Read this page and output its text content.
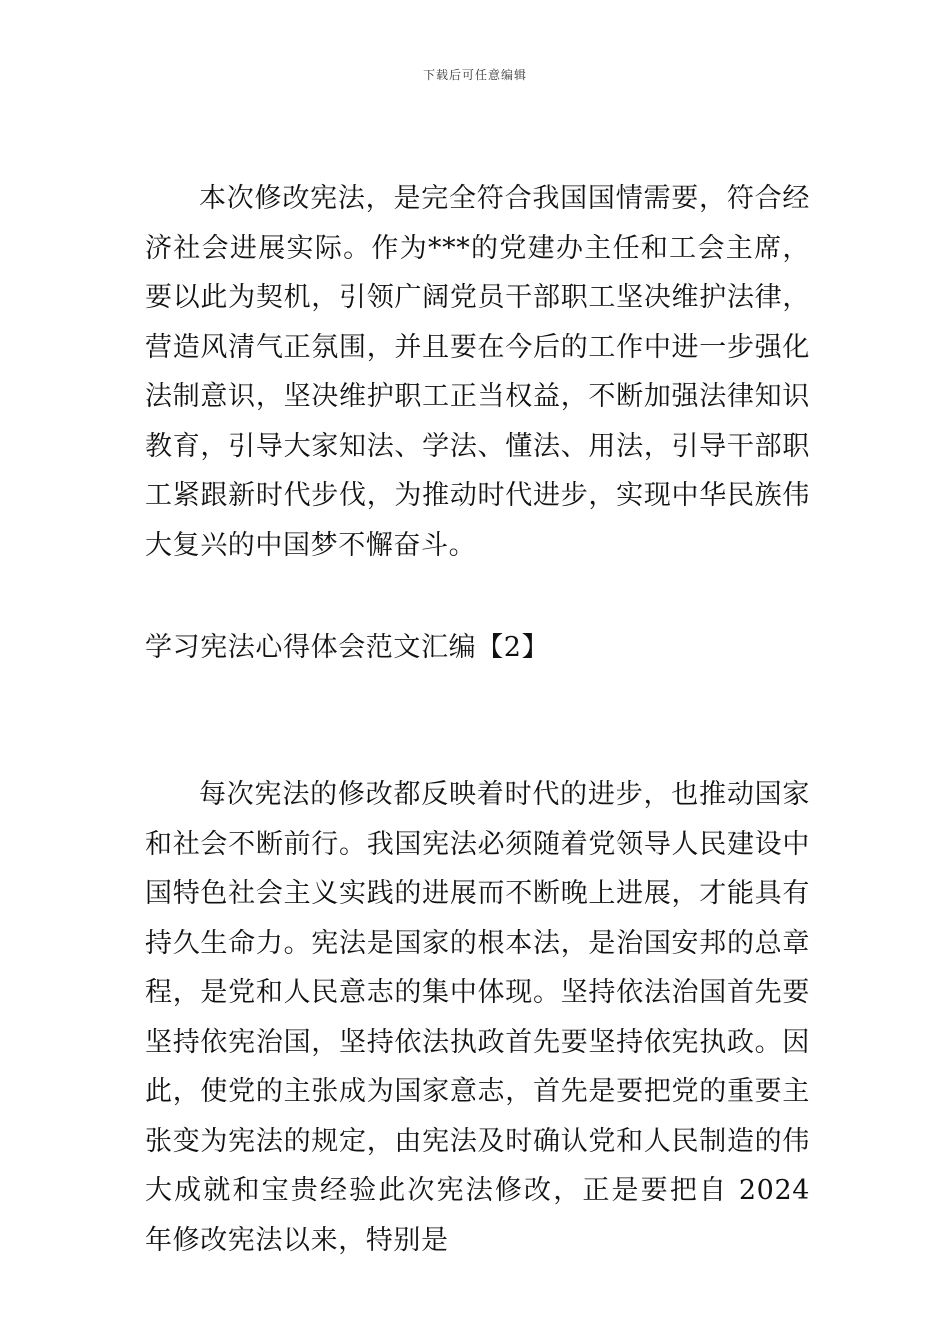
下载后可任意编辑

本次修改宪法，是完全符合我国国情需要，符合经济社会进展实际。作为***的党建办主任和工会主席，要以此为契机，引领广阔党员干部职工坚决维护法律，营造风清气正氛围，并且要在今后的工作中进一步强化法制意识，坚决维护职工正当权益，不断加强法律知识教育，引导大家知法、学法、懂法、用法，引导干部职工紧跟新时代步伐，为推动时代进步，实现中华民族伟大复兴的中国梦不懈奋斗。

学习宪法心得体会范文汇编【2】

每次宪法的修改都反映着时代的进步，也推动国家和社会不断前行。我国宪法必须随着党领导人民建设中国特色社会主义实践的进展而不断晚上进展，才能具有持久生命力。宪法是国家的根本法，是治国安邦的总章程，是党和人民意志的集中体现。坚持依法治国首先要坚持依宪治国，坚持依法执政首先要坚持依宪执政。因此，使党的主张成为国家意志，首先是要把党的重要主张变为宪法的规定，由宪法及时确认党和人民制造的伟大成就和宝贵经验此次宪法修改，正是要把自 2024 年修改宪法以来，特别是
